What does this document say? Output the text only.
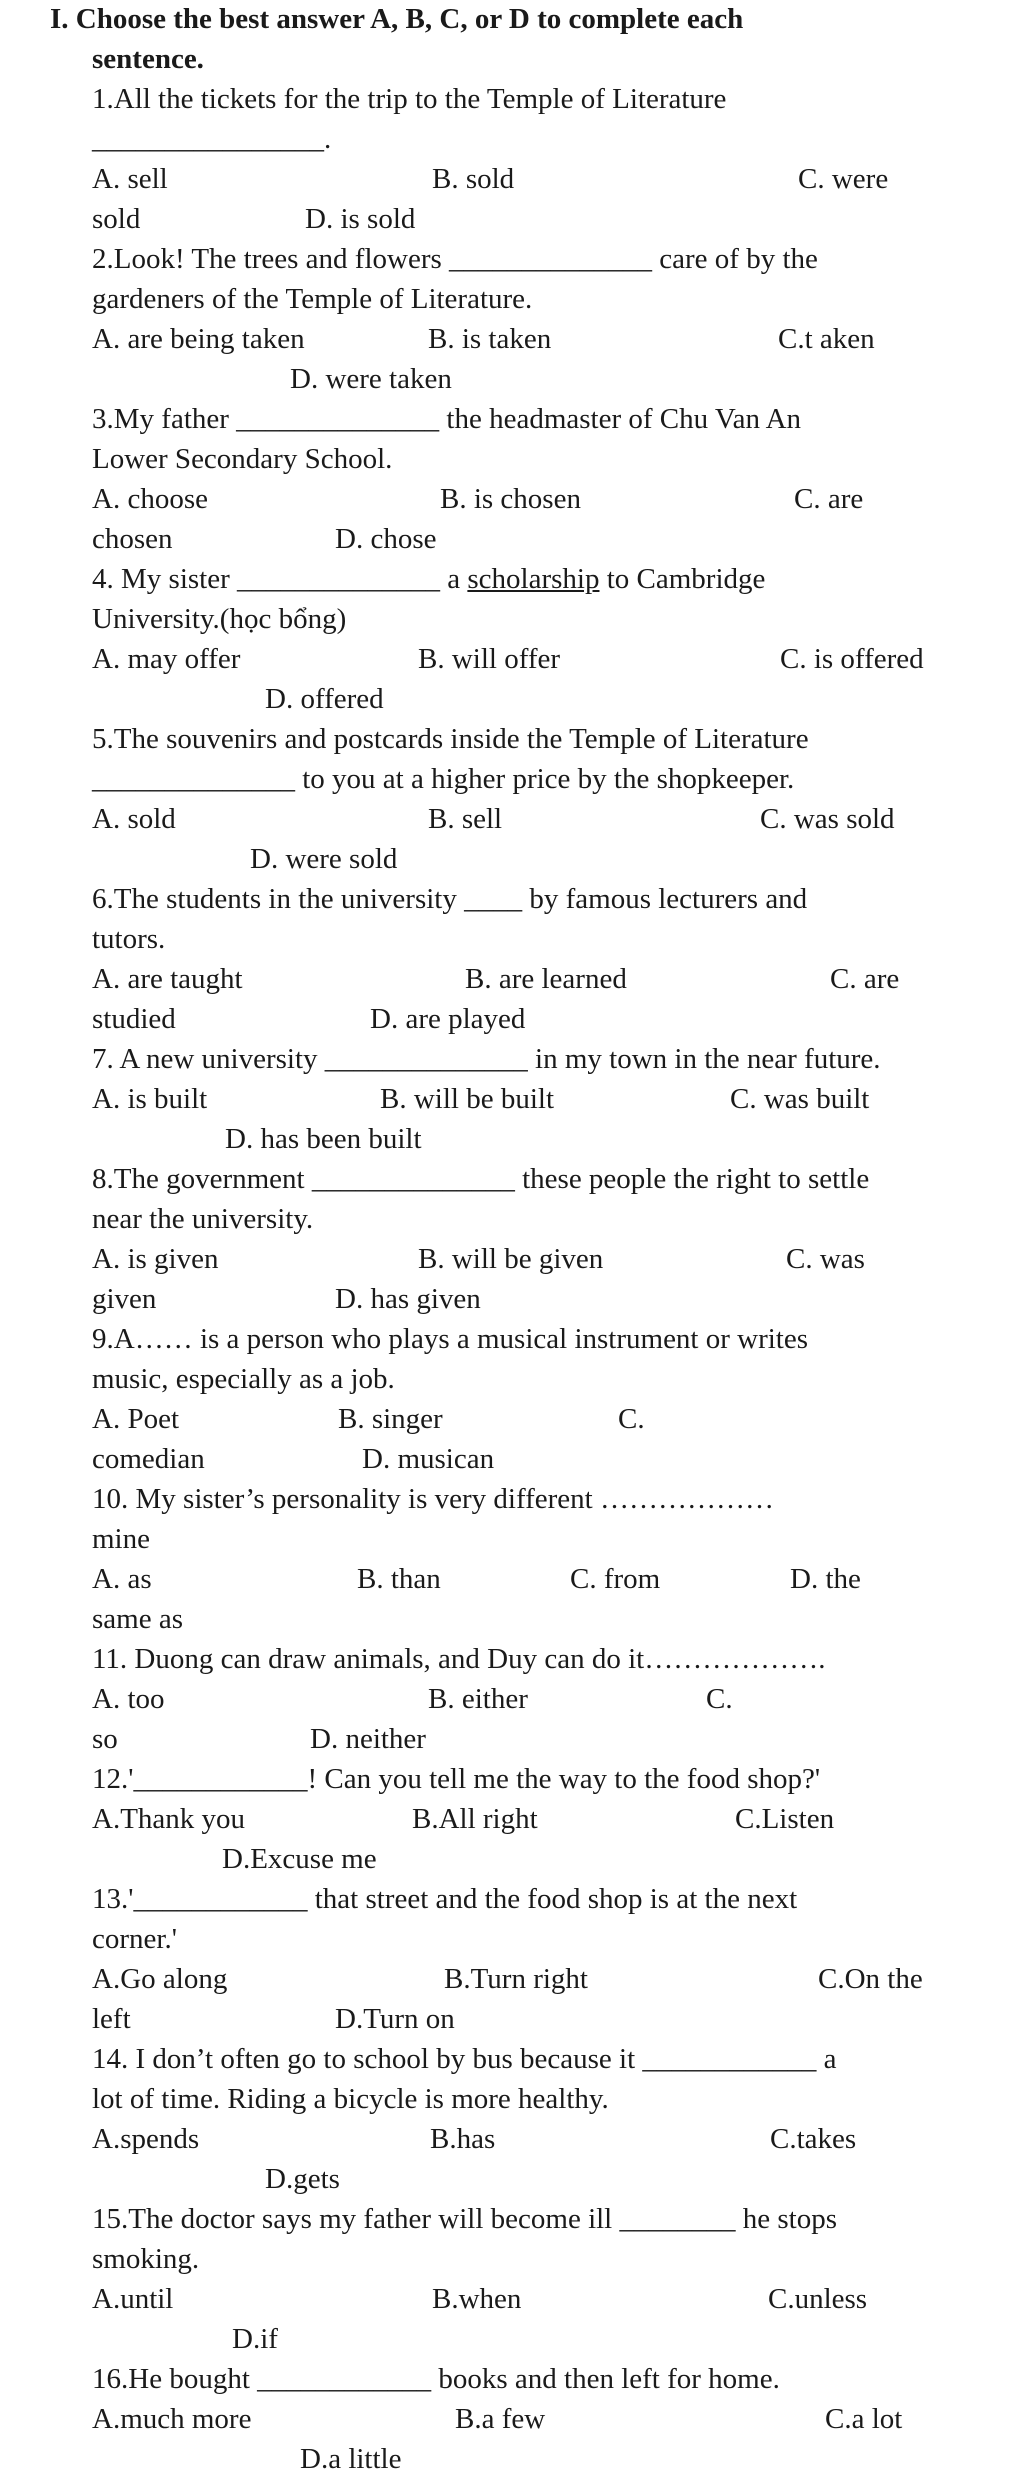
I. Choose the best answer A, B, C, or D to complete each
sentence.
1.All the tickets for the trip to the Temple of Literature
________________.
A. sell	B. sold	C. were
sold	D. is sold
2.Look! The trees and flowers ______________ care of by the
gardeners of the Temple of Literature.
A. are being taken	B. is taken	C.t aken
D. were taken
3.My father ______________ the headmaster of Chu Van An
Lower Secondary School.
A. choose	B. is chosen	C. are
chosen	D. chose
4. My sister ______________ a scholarship to Cambridge
University.(học bổng)
A. may offer	B. will offer	C. is offered
D. offered
5.The souvenirs and postcards inside the Temple of Literature
______________ to you at a higher price by the shopkeeper.
A. sold	B. sell	C. was sold
D. were sold
6.The students in the university ____ by famous lecturers and
tutors.
A. are taught	B. are learned	C. are
studied	D. are played
7. A new university ______________ in my town in the near future.
A. is built	B. will be built	C. was built
D. has been built
8.The government ______________ these people the right to settle
near the university.
A. is given	B. will be given	C. was
given	D. has given
9.A…… is a person who plays a musical instrument or writes
music, especially as a job.
A. Poet	B. singer	C.
comedian	D. musican
10. My sister’s personality is very different ………………
mine
A. as	B. than	C. from	D. the
same as
11. Duong can draw animals, and Duy can do it……………….
A. too	B. either	C.
so	D. neither
12.'____________! Can you tell me the way to the food shop?'
A.Thank you	B.All right	C.Listen
D.Excuse me
13.'____________ that street and the food shop is at the next
corner.'
A.Go along	B.Turn right	C.On the
left	D.Turn on
14. I don’t often go to school by bus because it ____________ a
lot of time. Riding a bicycle is more healthy.
A.spends	B.has	C.takes
D.gets
15.The doctor says my father will become ill ________ he stops
smoking.
A.until	B.when	C.unless
D.if
16.He bought ____________ books and then left for home.
A.much more	B.a few	C.a lot
D.a little
